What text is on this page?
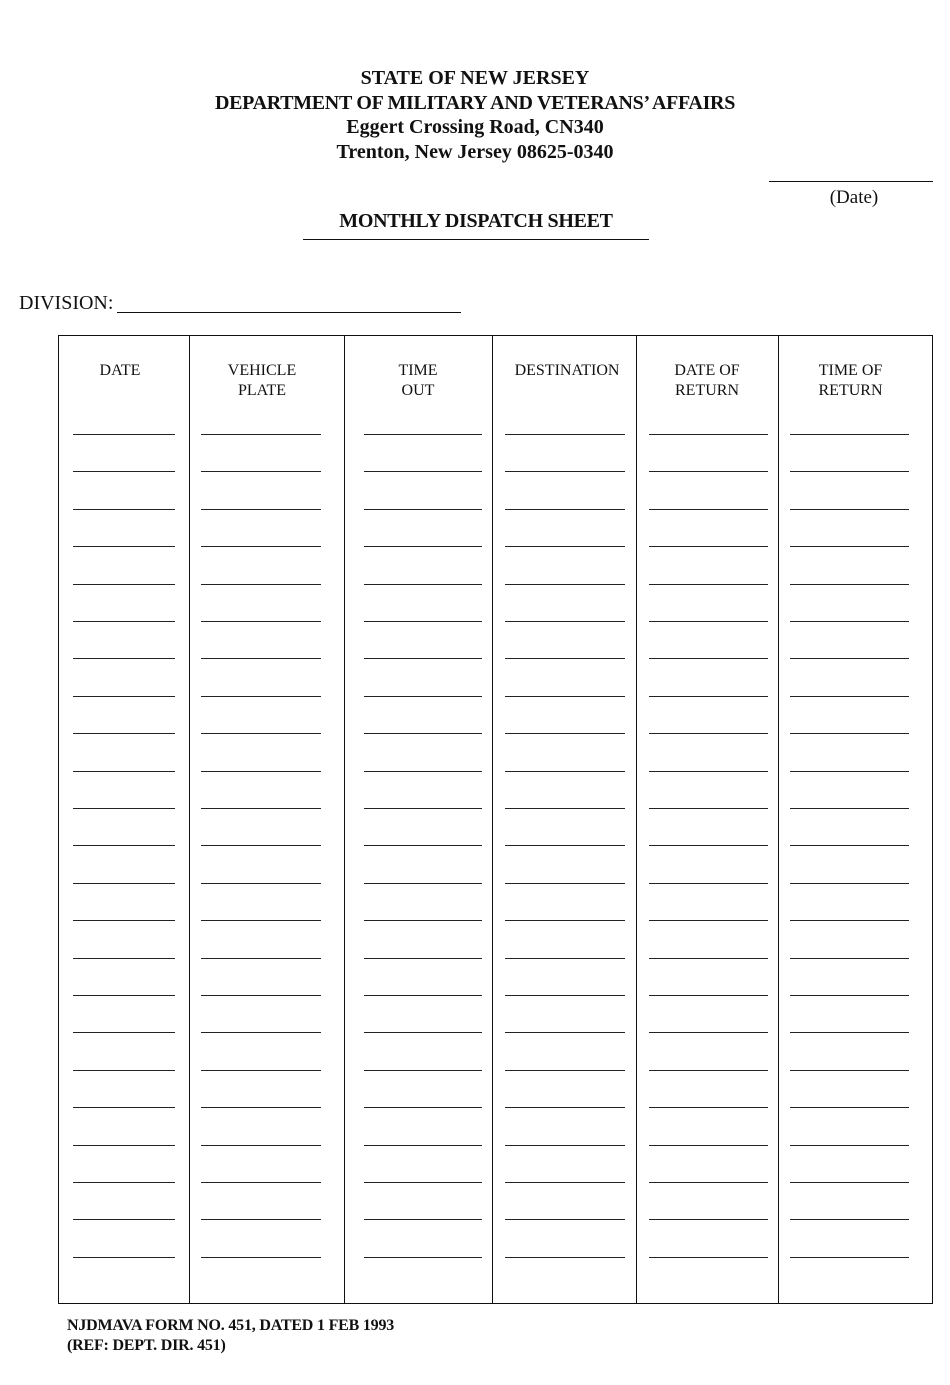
STATE OF NEW JERSEY
DEPARTMENT OF MILITARY AND VETERANS’ AFFAIRS
Eggert Crossing Road, CN340
Trenton, New Jersey 08625-0340
(Date)
MONTHLY DISPATCH SHEET
DIVISION:
DATE	VEHICLE
PLATE
TIME
OUT
DESTINATION	DATE OF
RETURN
TIME OF
RETURN
NJDMAVA FORM NO. 451, DATED 1 FEB 1993
(REF: DEPT. DIR. 451)
